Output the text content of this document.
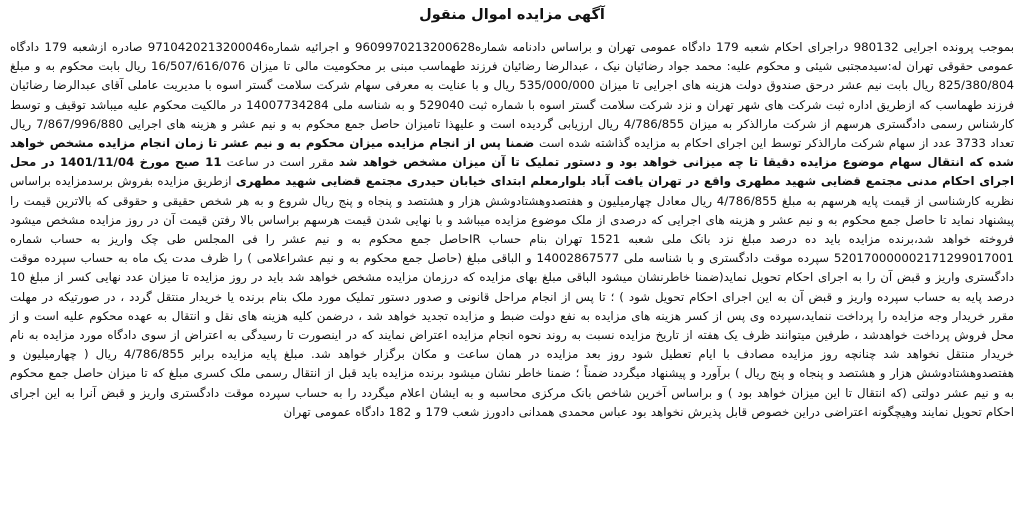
آگهی مزایده اموال منقول
بموجب پرونده اجرایی 980132 دراجرای احکام شعبه 179 دادگاه عمومی تهران و براساس دادنامه شماره9609970213200628 و اجرائیه شماره9710420213200046 صادره ازشعبه 179 دادگاه عمومی حقوقی تهران له:سیدمجتبی شیئی و محکوم علیه: محمد جواد رضائیان نیک ، عبدالرضا رضائیان فرزند طهماسب مبنی بر محکومیت مالی تا میزان 16/507/616/076 ریال بابت محکوم به و مبلغ 825/380/804 ریال بابت نیم عشر درحق صندوق دولت هزینه های اجرایی تا میزان 535/000/000 ریال و با عنایت به معرفی سهام شرکت سلامت گستر اسوه با مدیریت عاملی آقای عبدالرضا رضائیان فرزند طهماسب که ازطریق اداره ثبت شرکت های شهر تهران و نزد شرکت سلامت گستر اسوه با شماره ثبت 529040 و به شناسه ملی 14007734284 در مالکیت محکوم علیه میباشد توقیف و توسط کارشناس رسمی دادگستری هرسهم از شرکت مارالذکر به میزان 4/786/855 ریال ارزیابی گردیده است و علیهذا تامیزان حاصل جمع محکوم به و نیم عشر و هزینه های اجرایی 7/867/996/880 ریال تعداد 3733 عدد از سهام شرکت مارالذکر توسط این اجرای احکام به مزایده گذاشته شده است ضمنا پس از انجام مزایده میزان محکوم به و نیم عشر تا زمان انجام مزایده مشخص خواهد شده که انتقال سهام موضوع مزایده دقیقا تا چه میزانی خواهد بود و دستور تملیک تا آن میزان مشخص خواهد شد مقرر است در ساعت 11 صبح مورخ 1401/11/04 در محل اجرای احکام مدنی مجتمع قضایی شهید مطهری واقع در تهران یافت آباد بلوارمعلم ابتدای خیابان حیدری مجتمع قضایی شهید مطهری ازطریق مزایده بفروش برسدمزایده براساس نظریه کارشناسی از قیمت پایه هرسهم به مبلغ 4/786/855 ریال معادل چهارمیلیون و هفتصدوهشتادوشش هزار و هشتصد و پنجاه و پنج ریال شروع و به هر شخص حقیقی و حقوقی که بالاترین قیمت را پیشنهاد نماید تا حاصل جمع محکوم به و نیم عشر و هزینه های اجرایی که درصدی از ملک موضوع مزایده میباشد و با نهایی شدن قیمت هرسهم براساس بالا رفتن قیمت آن در روز مزایده مشخص میشود فروخته خواهد شد،برنده مزایده باید ده درصد مبلغ نزد بانک ملی شعبه 1521 تهران بنام حساب IRحاصل جمع محکوم به و نیم عشر را فی المجلس طی چک واریز به حساب شماره 520170000002171299017001 سپرده موقت دادگستری و با شناسه ملی 14002867577 و الباقی مبلغ (حاصل جمع محکوم به و نیم عشراعلامی ) را ظرف مدت یک ماه به حساب سپرده موقت دادگستری واریز و قبض آن را به اجرای احکام تحویل نماید(ضمنا خاطرنشان میشود الباقی مبلغ بهای مزایده که درزمان مزایده مشخص خواهد شد باید در روز مزایده تا میزان عدد نهایی کسر از مبلغ 10 درصد پایه به حساب سپرده واریز و قبض آن به این اجرای احکام تحویل شود ) ؛ تا پس از انجام مراحل قانونی و صدور دستور تملیک مورد ملک بنام برنده یا خریدار منتقل گردد ، در صورتیکه در مهلت مقرر خریدار وجه مزایده را پرداخت ننماید،سپرده وی پس از کسر هزینه های مزایده به نفع دولت ضبط و مزایده تجدید خواهد شد ، درضمن کلیه هزینه های نقل و انتقال به عهده محکوم علیه است و از محل فروش پرداخت خواهدشد ، طرفین میتوانند ظرف یک هفته از تاریخ مزایده نسبت به روند نحوه انجام مزایده اعتراض نمایند که در اینصورت تا رسیدگی به اعتراض از سوی دادگاه مورد مزایده به نام خریدار منتقل نخواهد شد چنانچه روز مزایده مصادف با ایام تعطیل شود روز بعد مزایده در همان ساعت و مکان برگزار خواهد شد. مبلغ پایه مزایده برابر 4/786/855 ریال ( چهارمیلیون و هفتصدوهشتادوشش هزار و هشتصد و پنجاه و پنج ریال ) برآورد و پیشنهاد میگردد ضمناً ؛ ضمنا خاطر نشان میشود برنده مزایده باید قبل از انتقال رسمی ملک کسری مبلغ که تا میزان حاصل جمع محکوم به و نیم عشر دولتی (که انتقال تا این میزان خواهد بود ) و براساس آخرین شاخص بانک مرکزی محاسبه و به ایشان اعلام میگردد را به حساب سپرده موقت دادگستری واریز و قبض آنرا به این اجرای احکام تحویل نمایند وهیچگونه اعتراضی دراین خصوص قابل پذیرش نخواهد بود عباس محمدی همدانی دادورز شعب 179 و 182 دادگاه عمومی تهران
